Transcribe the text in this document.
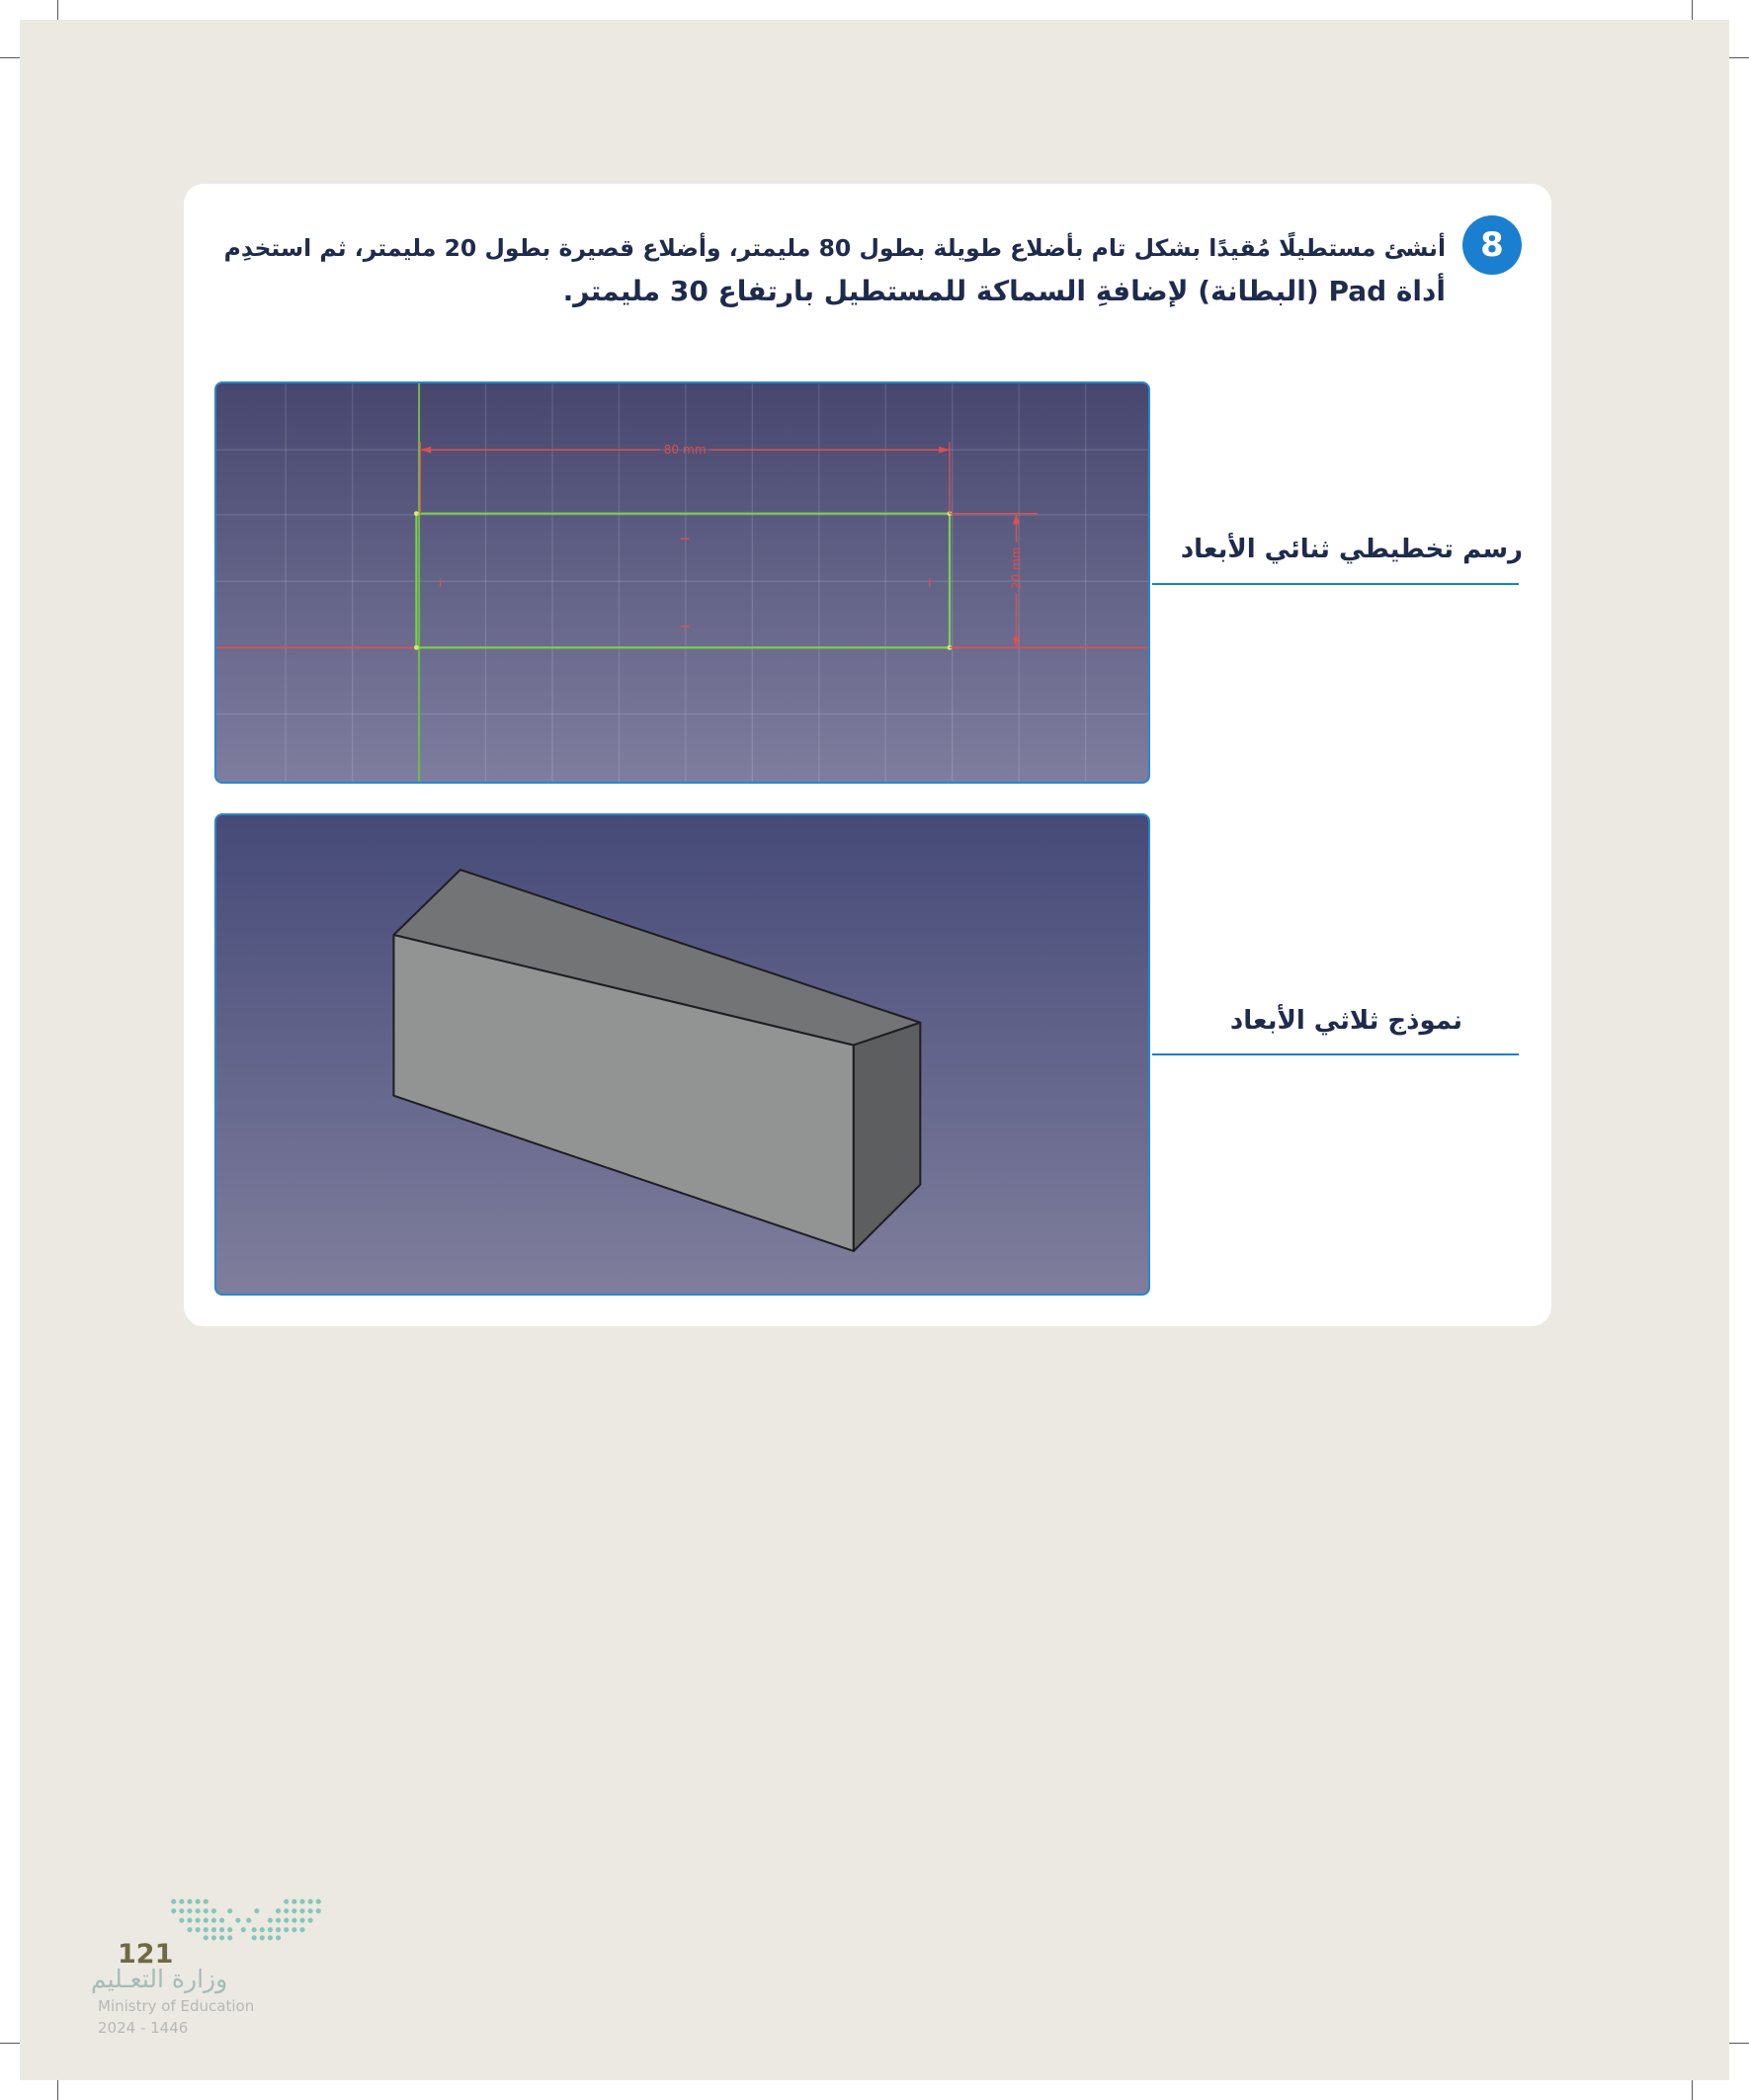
8
أنشئ مستطيلًا مُقيدًا بشكل تام بأضلاع طويلة بطول 80 مليمتر، وأضلاع قصيرة بطول 20 مليمتر، ثم استخدِم
أداة Pad (البطانة) لإضافةِ السماكة للمستطيل بارتفاع 30 مليمتر.
80 mm
20 mm	رسم تخطيطي ثنائي الأبعاد
نموذج ثلاثي الأبعاد
121
وزارة التعـليم
Ministry of Education
2024 - 1446
